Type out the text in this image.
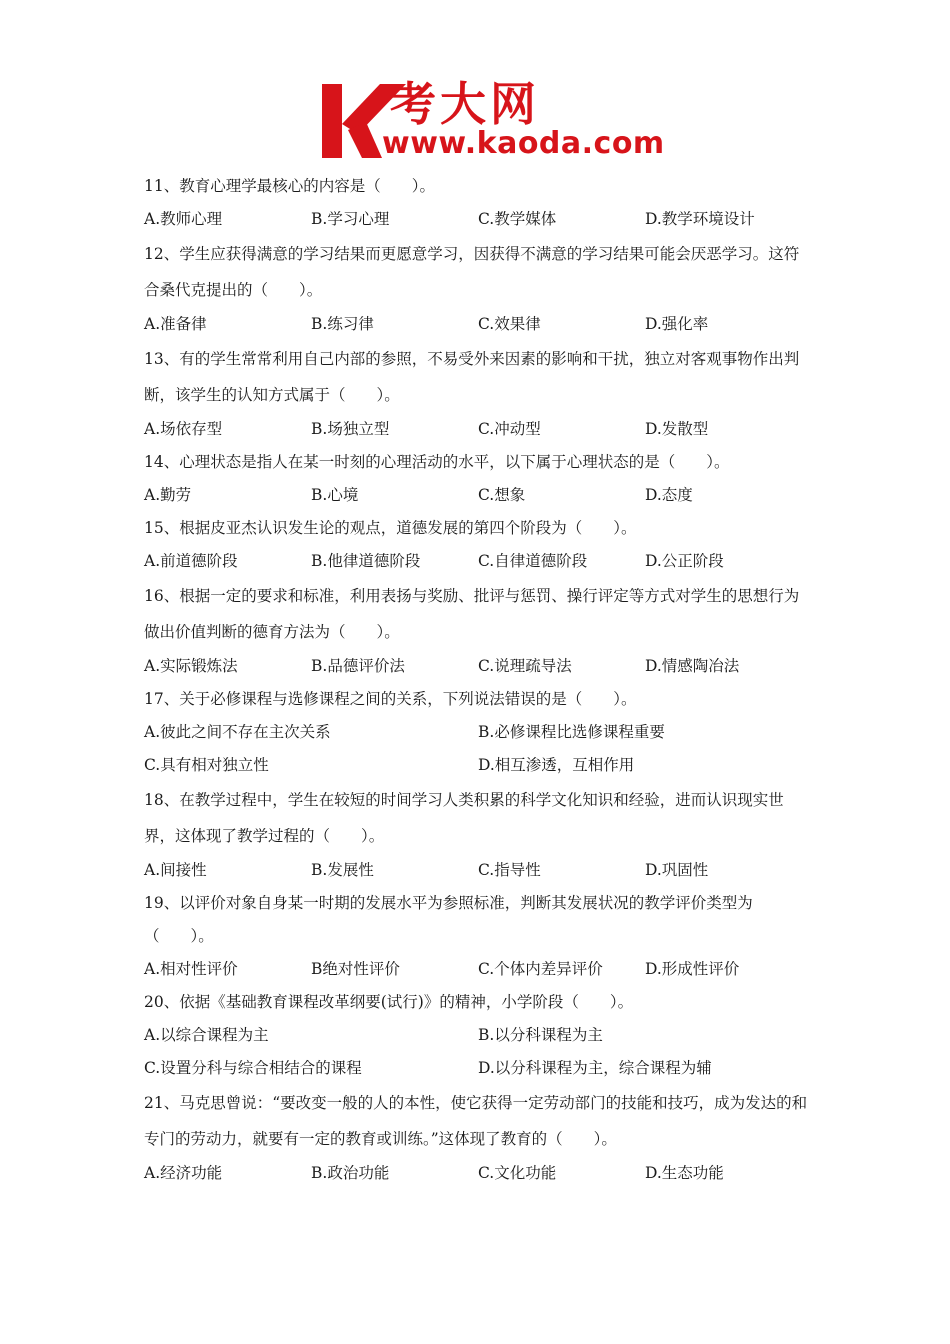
考大网
www.kaoda.com

11、教育心理学最核心的内容是（　　）。

A.教师心理	B.学习心理	C.教学媒体	D.教学环境设计

12、学生应获得满意的学习结果而更愿意学习，因获得不满意的学习结果可能会厌恶学习。这符合桑代克提出的（　　）。

A.准备律	B.练习律	C.效果律	D.强化率

13、有的学生常常利用自己内部的参照，不易受外来因素的影响和干扰，独立对客观事物作出判断，该学生的认知方式属于（　　）。

A.场依存型	B.场独立型	C.冲动型	D.发散型

14、心理状态是指人在某一时刻的心理活动的水平，以下属于心理状态的是（　　）。

A.勤劳	B.心境	C.想象	D.态度

15、根据皮亚杰认识发生论的观点，道德发展的第四个阶段为（　　）。

A.前道德阶段	B.他律道德阶段	C.自律道德阶段	D.公正阶段

16、根据一定的要求和标准，利用表扬与奖励、批评与惩罚、操行评定等方式对学生的思想行为做出价值判断的德育方法为（　　）。

A.实际锻炼法	B.品德评价法	C.说理疏导法	D.情感陶冶法

17、关于必修课程与选修课程之间的关系，下列说法错误的是（　　）。

A.彼此之间不存在主次关系	B.必修课程比选修课程重要
C.具有相对独立性	D.相互渗透，互相作用

18、在教学过程中，学生在较短的时间学习人类积累的科学文化知识和经验，进而认识现实世界，这体现了教学过程的（　　）。

A.间接性	B.发展性	C.指导性	D.巩固性

19、以评价对象自身某一时期的发展水平为参照标准，判断其发展状况的教学评价类型为（　　）。

A.相对性评价	B绝对性评价	C.个体内差异评价	D.形成性评价

20、依据《基础教育课程改革纲要(试行)》的精神，小学阶段（　　）。

A.以综合课程为主	B.以分科课程为主
C.设置分科与综合相结合的课程	D.以分科课程为主，综合课程为辅

21、马克思曾说：“要改变一般的人的本性，使它获得一定劳动部门的技能和技巧，成为发达的和专门的劳动力，就要有一定的教育或训练。”这体现了教育的（　　）。

A.经济功能	B.政治功能	C.文化功能	D.生态功能
